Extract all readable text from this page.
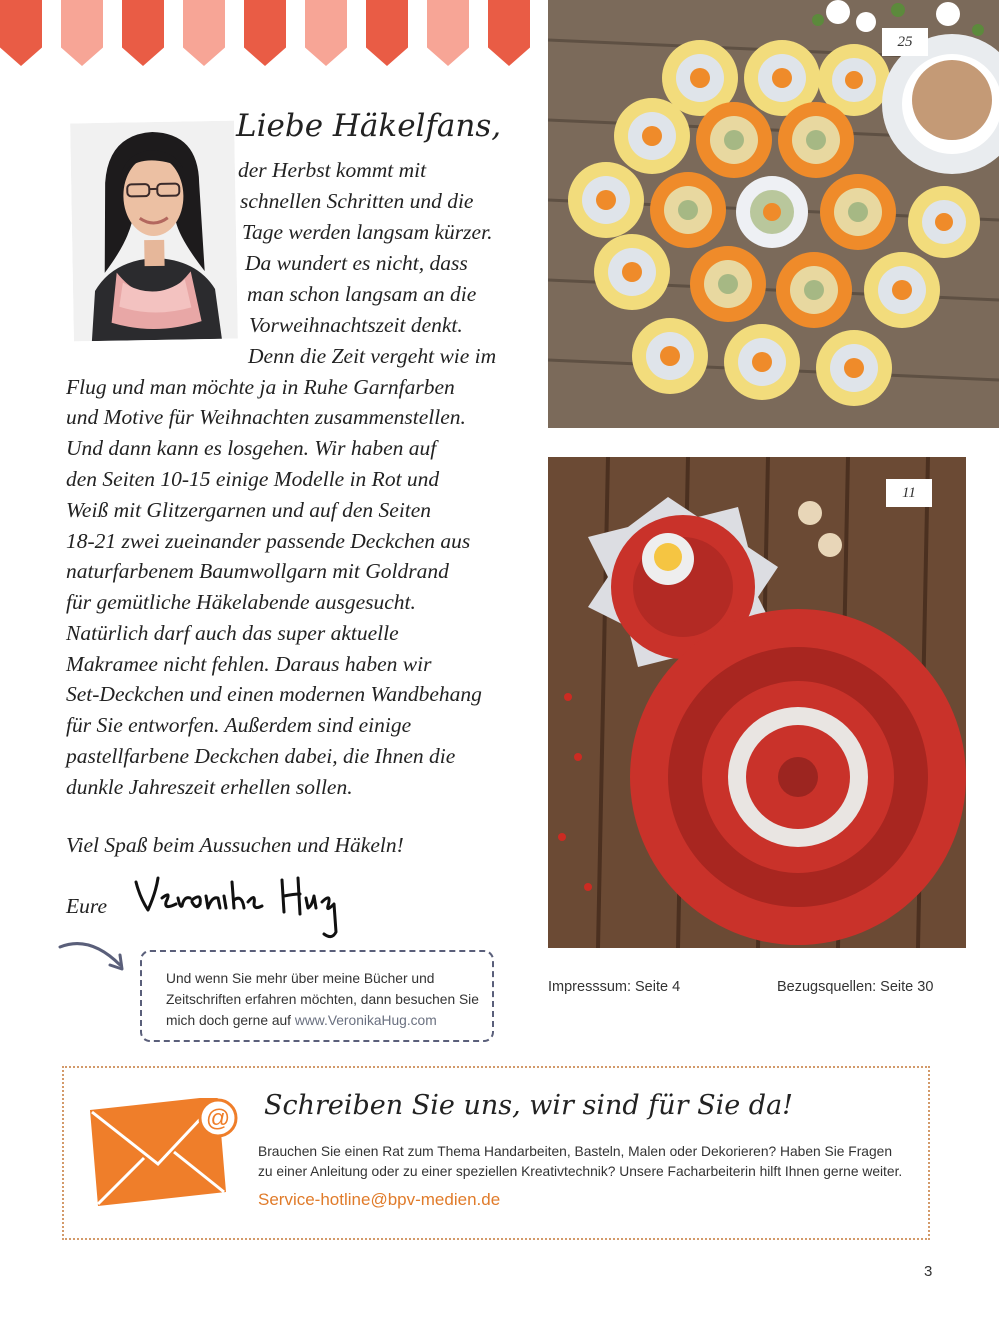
Liebe Häkelfans,
der Herbst kommt mit
schnellen Schritten und die
Tage werden langsam kürzer.
Da wundert es nicht, dass
man schon langsam an die
Vorweihnachtszeit denkt.
Denn die Zeit vergeht wie im
Flug und man möchte ja in Ruhe Garnfarben
und Motive für Weihnachten zusammenstellen.
Und dann kann es losgehen. Wir haben auf
den Seiten 10-15 einige Modelle in Rot und
Weiß mit Glitzergarnen und auf den Seiten
18-21 zwei zueinander passende Deckchen aus
naturfarbenem Baumwollgarn mit Goldrand
für gemütliche Häkelabende ausgesucht.
Natürlich darf auch das super aktuelle
Makramee nicht fehlen. Daraus haben wir
Set-Deckchen und einen modernen Wandbehang
für Sie entworfen. Außerdem sind einige
pastellfarbene Deckchen dabei, die Ihnen die
dunkle Jahreszeit erhellen sollen.
Viel Spaß beim Aussuchen und Häkeln!
Eure
Und wenn Sie mehr über meine Bücher und
Zeitschriften erfahren möchten, dann besuchen Sie
mich doch gerne auf www.VeronikaHug.com
25
11
Impresssum: Seite 4	Bezugsquellen: Seite 30
@ Schreiben Sie uns, wir sind für Sie da!
Brauchen Sie einen Rat zum Thema Handarbeiten, Basteln, Malen oder Dekorieren? Haben Sie Fragen
zu einer Anleitung oder zu einer speziellen Kreativtechnik? Unsere Facharbeiterin hilft Ihnen gerne weiter.
Service-hotline@bpv-medien.de
3
